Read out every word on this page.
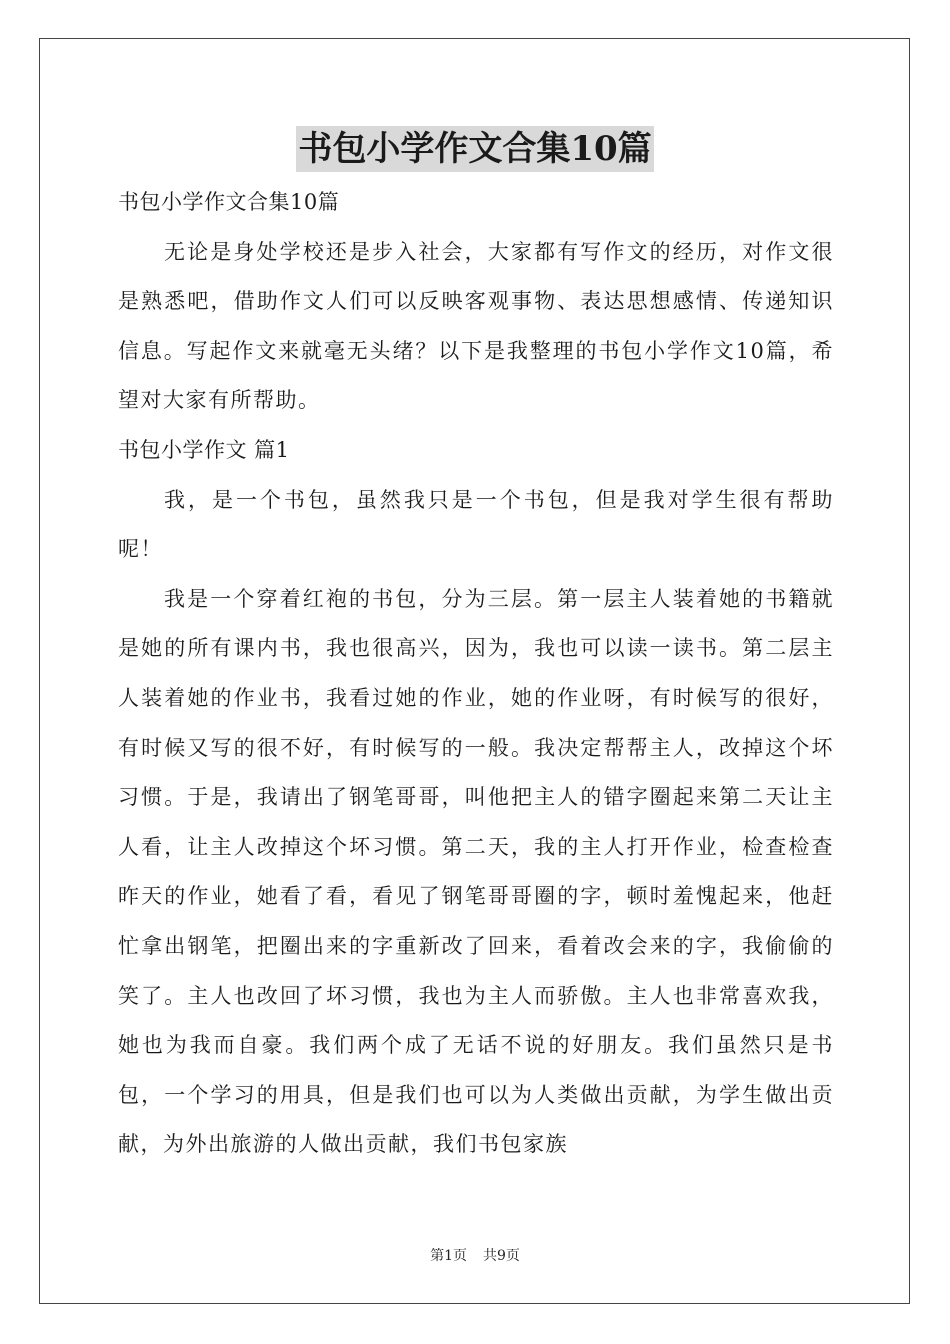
书包小学作文合集10篇

书包小学作文合集10篇

无论是身处学校还是步入社会，大家都有写作文的经历，对作文很是熟悉吧，借助作文人们可以反映客观事物、表达思想感情、传递知识信息。写起作文来就毫无头绪？以下是我整理的书包小学作文10篇，希望对大家有所帮助。

书包小学作文 篇1

我，是一个书包，虽然我只是一个书包，但是我对学生很有帮助呢！

我是一个穿着红袍的书包，分为三层。第一层主人装着她的书籍就是她的所有课内书，我也很高兴，因为，我也可以读一读书。第二层主人装着她的作业书，我看过她的作业，她的作业呀，有时候写的很好，有时候又写的很不好，有时候写的一般。我决定帮帮主人，改掉这个坏习惯。于是，我请出了钢笔哥哥，叫他把主人的错字圈起来第二天让主人看，让主人改掉这个坏习惯。第二天，我的主人打开作业，检查检查昨天的作业，她看了看，看见了钢笔哥哥圈的字，顿时羞愧起来，他赶忙拿出钢笔，把圈出来的字重新改了回来，看着改会来的字，我偷偷的笑了。主人也改回了坏习惯，我也为主人而骄傲。主人也非常喜欢我，她也为我而自豪。我们两个成了无话不说的好朋友。我们虽然只是书包，一个学习的用具，但是我们也可以为人类做出贡献，为学生做出贡献，为外出旅游的人做出贡献，我们书包家族

第1页 共9页
